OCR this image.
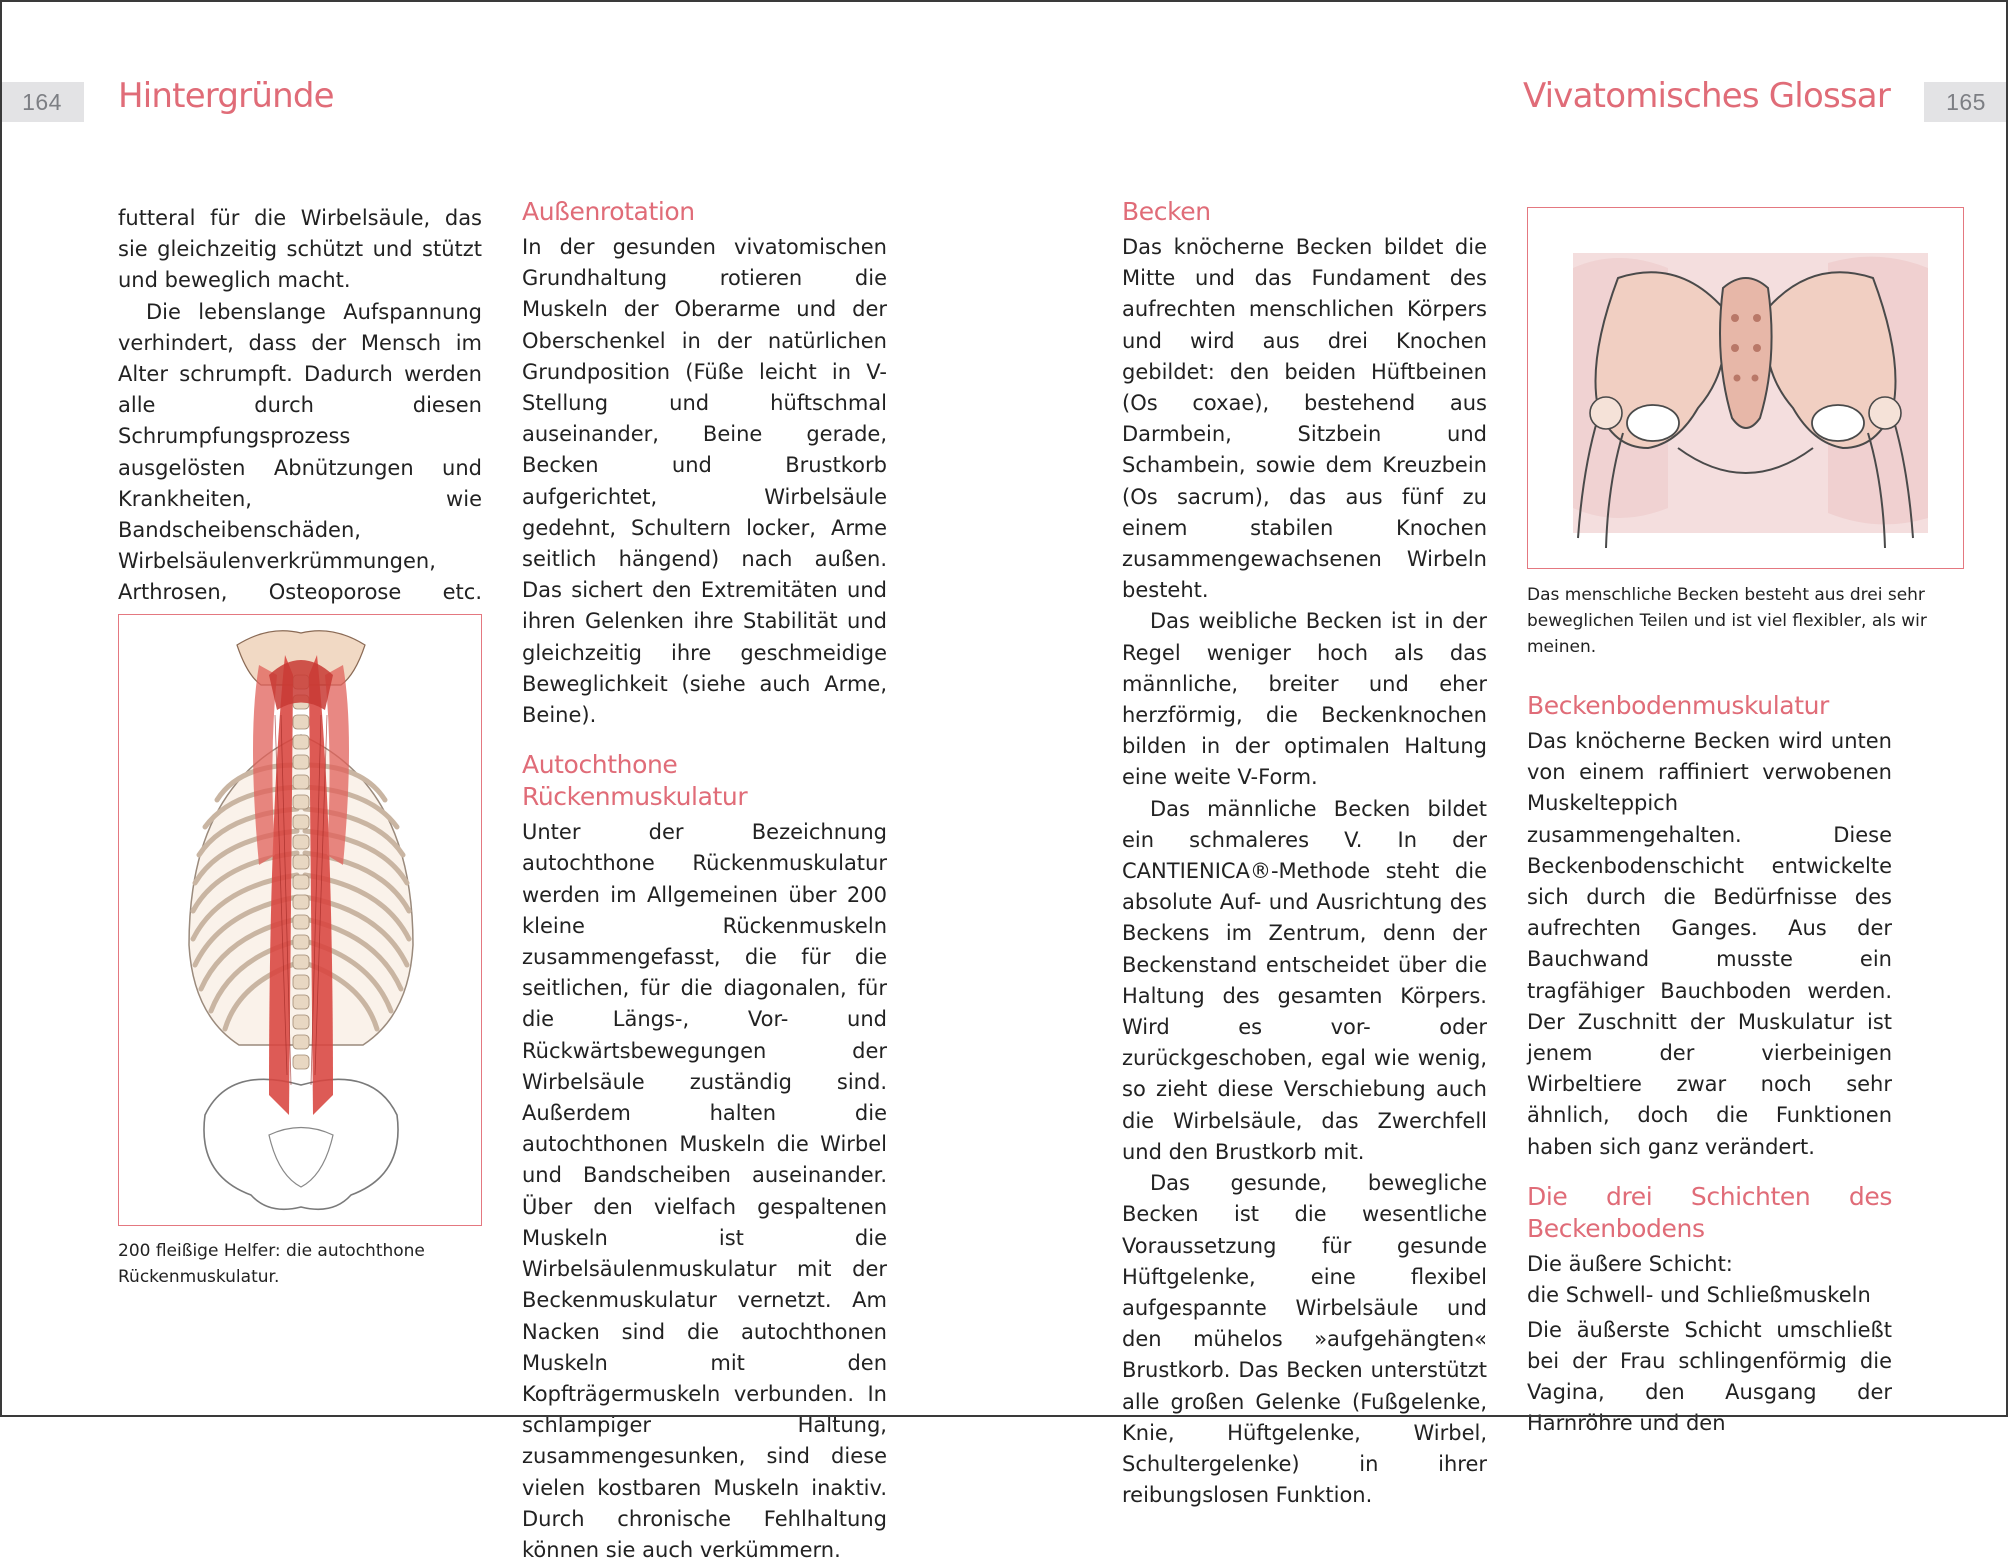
164	Hintergründe	Vivatomisches Glossar	165

futteral für die Wirbelsäule, das sie gleichzeitig schützt und stützt und beweglich macht.

Die lebenslange Aufspannung verhindert, dass der Mensch im Alter schrumpft. Dadurch werden alle durch diesen Schrumpfungsprozess ausgelösten Abnützungen und Krankheiten, wie Bandscheibenschäden, Wirbelsäulenverkrümmungen, Arthrosen, Osteoporose etc.

200 fleißige Helfer: die autochthone Rückenmuskulatur.
Außenrotation

In der gesunden vivatomischen Grundhaltung rotieren die Muskeln der Oberarme und der Oberschenkel in der natürlichen Grundposition (Füße leicht in V-Stellung und hüftschmal auseinander, Beine gerade, Becken und Brustkorb aufgerichtet, Wirbelsäule gedehnt, Schultern locker, Arme seitlich hängend) nach außen. Das sichert den Extremitäten und ihren Gelenken ihre Stabilität und gleichzeitig ihre geschmeidige Beweglichkeit (siehe auch Arme, Beine).

Autochthone Rückenmuskulatur

Unter der Bezeichnung autochthone Rückenmuskulatur werden im Allgemeinen über 200 kleine Rückenmuskeln zusammengefasst, die für die seitlichen, für die diagonalen, für die Längs-, Vor- und Rückwärtsbewegungen der Wirbelsäule zuständig sind. Außerdem halten die autochthonen Muskeln die Wirbel und Bandscheiben auseinander. Über den vielfach gespaltenen Muskeln ist die Wirbelsäulenmuskulatur mit der Beckenmuskulatur vernetzt. Am Nacken sind die autochthonen Muskeln mit den Kopfträgermuskeln verbunden. In schlampiger Haltung, zusammengesunken, sind diese vielen kostbaren Muskeln inaktiv. Durch chronische Fehlhaltung können sie auch verkümmern.

Becken

Das knöcherne Becken bildet die Mitte und das Fundament des aufrechten menschlichen Körpers und wird aus drei Knochen gebildet: den beiden Hüftbeinen (Os coxae), bestehend aus Darmbein, Sitzbein und Schambein, sowie dem Kreuzbein (Os sacrum), das aus fünf zu einem stabilen Knochen zusammengewachsenen Wirbeln besteht.

Das weibliche Becken ist in der Regel weniger hoch als das männliche, breiter und eher herzförmig, die Beckenknochen bilden in der optimalen Haltung eine weite V-Form.

Das männliche Becken bildet ein schmaleres V. In der CANTIENICA®-Methode steht die absolute Auf- und Ausrichtung des Beckens im Zentrum, denn der Beckenstand entscheidet über die Haltung des gesamten Körpers. Wird es vor- oder zurückgeschoben, egal wie wenig, so zieht diese Verschiebung auch die Wirbelsäule, das Zwerchfell und den Brustkorb mit.

Das gesunde, bewegliche Becken ist die wesentliche Voraussetzung für gesunde Hüftgelenke, eine flexibel aufgespannte Wirbelsäule und den mühelos »aufgehängten« Brustkorb. Das Becken unterstützt alle großen Gelenke (Fußgelenke, Knie, Hüftgelenke, Wirbel, Schultergelenke) in ihrer reibungslosen Funktion.

Das menschliche Becken besteht aus drei sehr beweglichen Teilen und ist viel flexibler, als wir meinen.
Beckenbodenmuskulatur

Das knöcherne Becken wird unten von einem raffiniert verwobenen Muskelteppich zusammengehalten. Diese Beckenbodenschicht entwickelte sich durch die Bedürfnisse des aufrechten Ganges. Aus der Bauchwand musste ein tragfähiger Bauchboden werden. Der Zuschnitt der Muskulatur ist jenem der vierbeinigen Wirbeltiere zwar noch sehr ähnlich, doch die Funktionen haben sich ganz verändert.

Die drei Schichten des Beckenbodens
Die äußere Schicht:
die Schwell- und Schließmuskeln

Die äußerste Schicht umschließt bei der Frau schlingenförmig die Vagina, den Ausgang der Harnröhre und den
